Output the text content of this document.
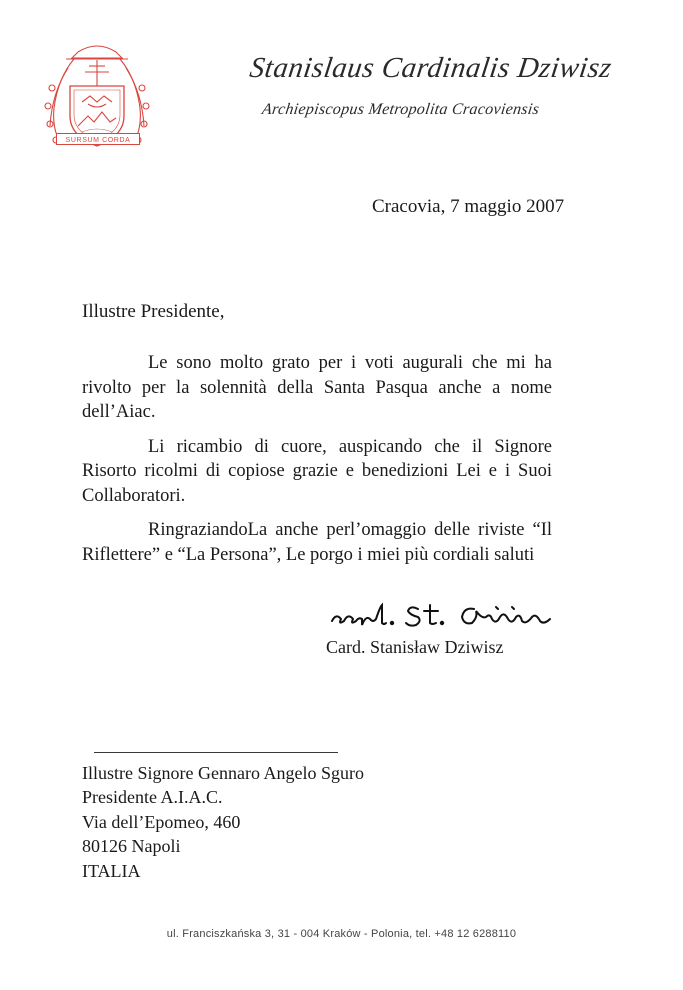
SURSUM CORDA
Stanislaus Cardinalis Dziwisz
Archiepiscopus Metropolita Cracoviensis
Cracovia, 7 maggio 2007
Illustre Presidente,

Le sono molto grato per i voti augurali che mi ha rivolto per la solennità della Santa Pasqua anche a nome dell’Aiac.

Li ricambio di cuore, auspicando che il Signore Risorto ricolmi di copiose grazie e benedizioni Lei e i Suoi Collaboratori.

RingraziandoLa anche perl’omaggio delle riviste “Il Riflettere” e “La Persona”, Le porgo i miei più cordiali saluti

Card. Stanisław Dziwisz
Illustre Signore Gennaro Angelo Sguro
Presidente A.I.A.C.
Via dell’Epomeo, 460
80126 Napoli
ITALIA
ul. Franciszkańska 3, 31 - 004 Kraków - Polonia, tel. +48 12 6288110
